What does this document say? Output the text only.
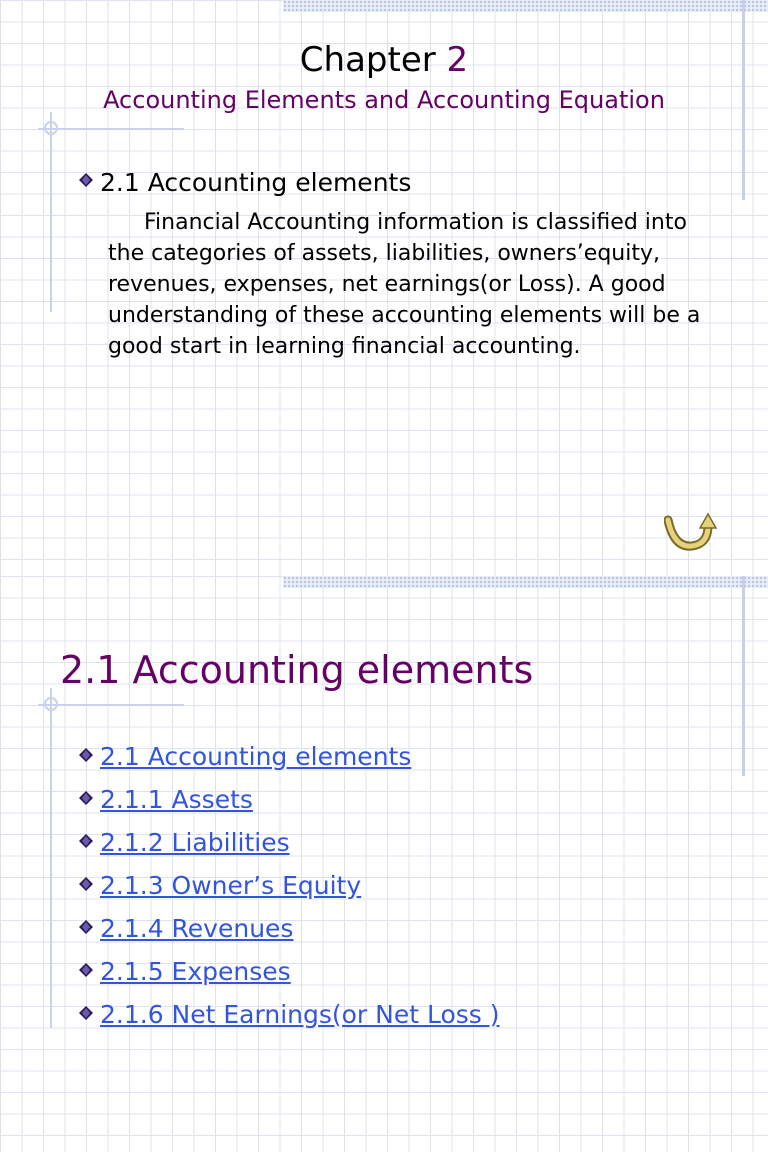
Chapter 2
Accounting Elements and Accounting Equation
2.1 Accounting elements
Financial Accounting information is classified into the categories of assets, liabilities, owners’equity, revenues, expenses, net earnings(or Loss). A good understanding of these accounting elements will be a good start in learning financial accounting.
2.1 Accounting elements
2.1 Accounting elements
2.1.1 Assets
2.1.2 Liabilities
2.1.3 Owner’s Equity
2.1.4 Revenues
2.1.5 Expenses
2.1.6 Net Earnings(or Net Loss )
